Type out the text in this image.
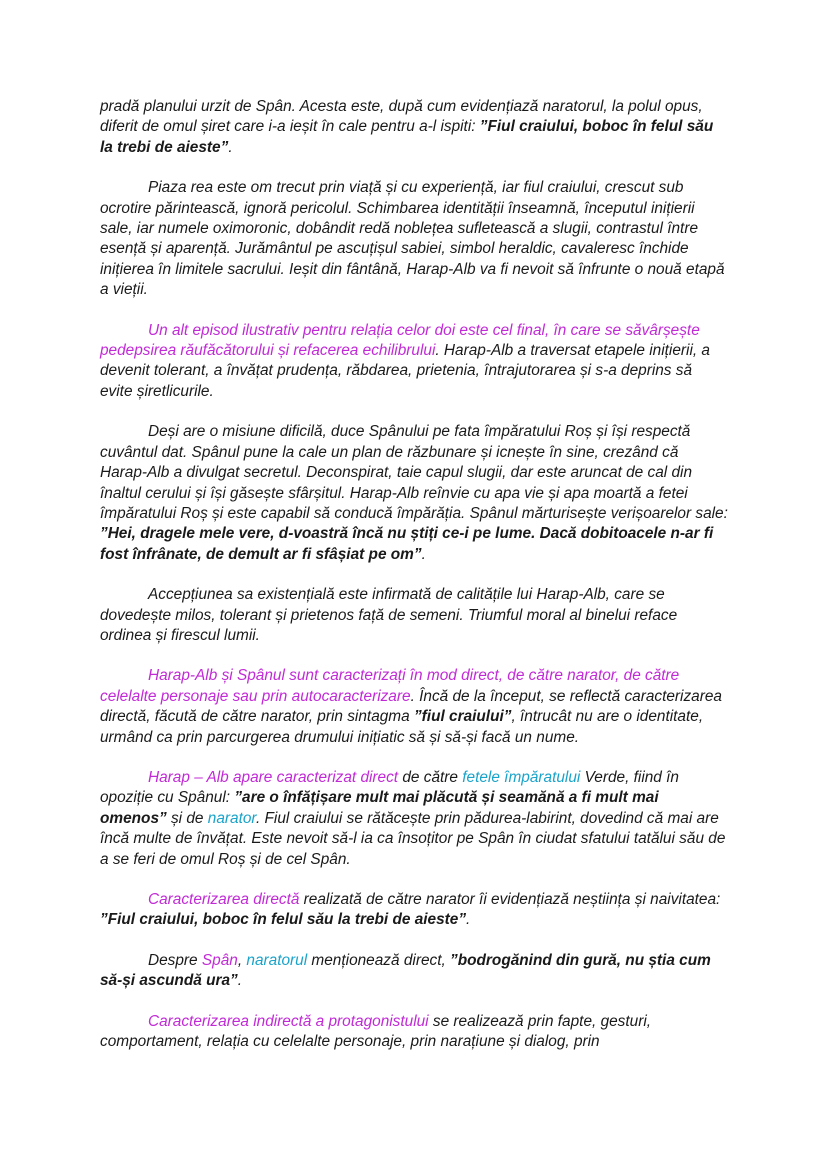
pradă planului urzit de Spân. Acesta este, după cum evidențiază naratorul, la polul opus, diferit de omul șiret care i-a ieșit în cale pentru a-l ispiti: ”Fiul craiului, boboc în felul său la trebi de aieste”.

Piaza rea este om trecut prin viață și cu experiență, iar fiul craiului, crescut sub ocrotire părintească, ignoră pericolul. Schimbarea identității înseamnă, începutul inițierii sale, iar numele oximoronic, dobândit redă noblețea sufletească a slugii, contrastul între esență și aparență. Jurământul pe ascuțișul sabiei, simbol heraldic, cavaleresc închide inițierea în limitele sacrului. Ieșit din fântână, Harap-Alb va fi nevoit să înfrunte o nouă etapă a vieții.

Un alt episod ilustrativ pentru relația celor doi este cel final, în care se săvârșește pedepsirea răufăcătorului și refacerea echilibrului. Harap-Alb a traversat etapele inițierii, a devenit tolerant, a învățat prudența, răbdarea, prietenia, întrajutorarea și s-a deprins să evite șiretlicurile.

Deși are o misiune dificilă, duce Spânului pe fata împăratului Roș și își respectă cuvântul dat. Spânul pune la cale un plan de răzbunare și icnește în sine, crezând că Harap-Alb a divulgat secretul. Deconspirat, taie capul slugii, dar este aruncat de cal din înaltul cerului și își găsește sfârșitul. Harap-Alb reînvie cu apa vie și apa moartă a fetei împăratului Roș și este capabil să conducă împărăția. Spânul mărturisește verișoarelor sale: ”Hei, dragele mele vere, d-voastră încă nu știți ce-i pe lume. Dacă dobitoacele n-ar fi fost înfrânate, de demult ar fi sfâșiat pe om”.

Accepțiunea sa existențială este infirmată de calitățile lui Harap-Alb, care se dovedește milos, tolerant și prietenos față de semeni. Triumful moral al binelui reface ordinea și firescul lumii.

Harap-Alb și Spânul sunt caracterizați în mod direct, de către narator, de către celelalte personaje sau prin autocaracterizare. Încă de la început, se reflectă caracterizarea directă, făcută de către narator, prin sintagma ”fiul craiului”, întrucât nu are o identitate, urmând ca prin parcurgerea drumului inițiatic să și să-și facă un nume.

Harap – Alb apare caracterizat direct de către fetele împăratului Verde, fiind în opoziție cu Spânul: ”are o înfățișare mult mai plăcută și seamănă a fi mult mai omenos” și de narator. Fiul craiului se rătăcește prin pădurea-labirint, dovedind că mai are încă multe de învățat. Este nevoit să-l ia ca însoțitor pe Spân în ciudat sfatului tatălui său de a se feri de omul Roș și de cel Spân.

Caracterizarea directă realizată de către narator îi evidențiază neștiința și naivitatea: ”Fiul craiului, boboc în felul său la trebi de aieste”.

Despre Spân, naratorul menționează direct, ”bodrogănind din gură, nu știa cum să-și ascundă ura”.

Caracterizarea indirectă a protagonistului se realizează prin fapte, gesturi, comportament, relația cu celelalte personaje, prin narațiune și dialog, prin
